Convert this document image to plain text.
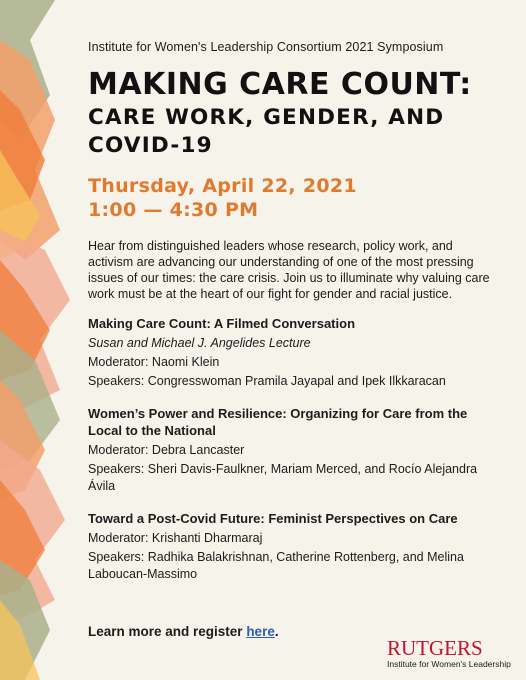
Institute for Women's Leadership Consortium 2021 Symposium

MAKING CARE COUNT:
CARE WORK, GENDER, AND
COVID-19

Thursday, April 22, 2021

1:00 — 4:30 PM

Hear from distinguished leaders whose research, policy work, and activism are advancing our understanding of one of the most pressing issues of our times: the care crisis. Join us to illuminate why valuing care work must be at the heart of our fight for gender and racial justice.

Making Care Count: A Filmed Conversation

Susan and Michael J. Angelides Lecture

Moderator: Naomi Klein

Speakers: Congresswoman Pramila Jayapal and Ipek Ilkkaracan

Women’s Power and Resilience: Organizing for Care from the Local to the National

Moderator: Debra Lancaster

Speakers: Sheri Davis-Faulkner, Mariam Merced, and Rocío Alejandra Ávila

Toward a Post-Covid Future: Feminist Perspectives on Care

Moderator: Krishanti Dharmaraj

Speakers: Radhika Balakrishnan, Catherine Rottenberg, and Melina Laboucan-Massimo

Learn more and register here.
RUTGERS
Institute for Women's Leadership
